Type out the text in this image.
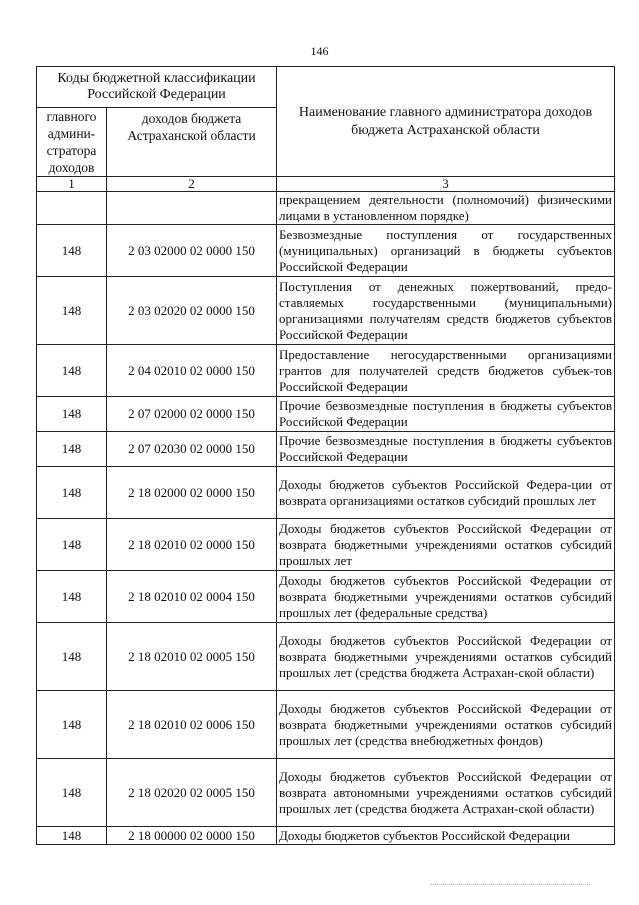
146
Коды бюджетной классификации Российской Федерации		Наименование главного администратора доходов бюджета Астраханской области
главного админи-стратора доходов	доходов бюджета Астраханской области	
1	2	3
		прекращением деятельности (полномочий) физическими лицами в установленном порядке)
148	2 03 02000 02 0000 150	Безвозмездные поступления от государственных (муниципальных) организаций в бюджеты субъектов Российской Федерации
148	2 03 02020 02 0000 150	Поступления от денежных пожертвований, предо-ставляемых государственными (муниципальными) организациями получателям средств бюджетов субъектов Российской Федерации
148	2 04 02010 02 0000 150	Предоставление негосударственными организациями грантов для получателей средств бюджетов субъек-тов Российской Федерации
148	2 07 02000 02 0000 150	Прочие безвозмездные поступления в бюджеты субъектов Российской Федерации
148	2 07 02030 02 0000 150	Прочие безвозмездные поступления в бюджеты субъектов Российской Федерации
148	2 18 02000 02 0000 150	Доходы бюджетов субъектов Российской Федера-ции от возврата организациями остатков субсидий прошлых лет
148	2 18 02010 02 0000 150	Доходы бюджетов субъектов Российской Федерации от возврата бюджетными учреждениями остатков субсидий прошлых лет
148	2 18 02010 02 0004 150	Доходы бюджетов субъектов Российской Федерации от возврата бюджетными учреждениями остатков субсидий прошлых лет (федеральные средства)
148	2 18 02010 02 0005 150	Доходы бюджетов субъектов Российской Федерации от возврата бюджетными учреждениями остатков субсидий прошлых лет (средства бюджета Астрахан-ской области)
148	2 18 02010 02 0006 150	Доходы бюджетов субъектов Российской Федерации от возврата бюджетными учреждениями остатков субсидий прошлых лет (средства внебюджетных фондов)
148	2 18 02020 02 0005 150	Доходы бюджетов субъектов Российской Федерации от возврата автономными учреждениями остатков субсидий прошлых лет (средства бюджета Астрахан-ской области)
148	2 18 00000 02 0000 150	Доходы бюджетов субъектов Российской Федерации
